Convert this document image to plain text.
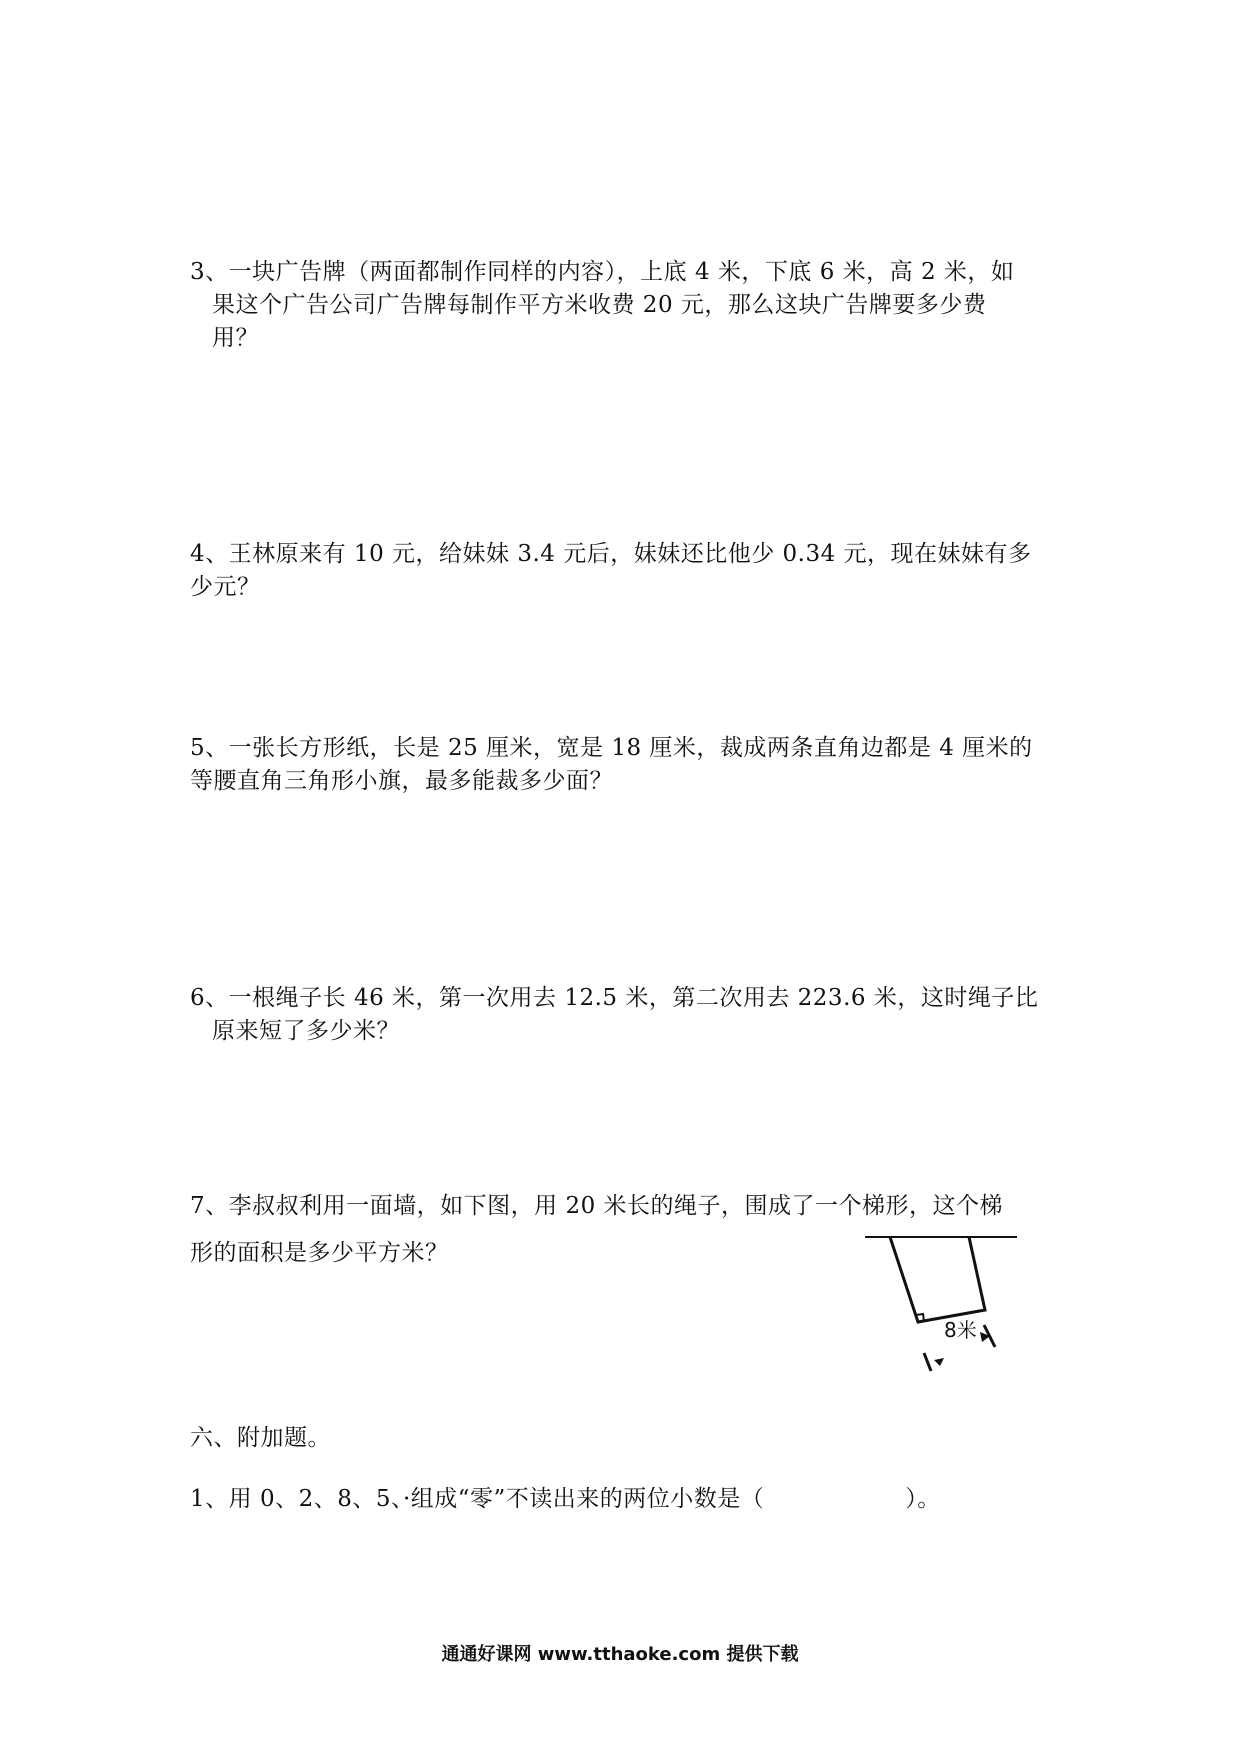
3、一块广告牌（两面都制作同样的内容），上底 4 米，下底 6 米，高 2 米，如
果这个广告公司广告牌每制作平方米收费 20 元，那么这块广告牌要多少费
用？
4、王林原来有 10 元，给妹妹 3.4 元后，妹妹还比他少 0.34 元，现在妹妹有多
少元？
5、一张长方形纸，长是 25 厘米，宽是 18 厘米，裁成两条直角边都是 4 厘米的
等腰直角三角形小旗，最多能裁多少面？
6、一根绳子长 46 米，第一次用去 12.5 米，第二次用去 223.6 米，这时绳子比
原来短了多少米？
7、李叔叔利用一面墙，如下图，用 20 米长的绳子，围成了一个梯形，这个梯
形的面积是多少平方米？
8米
六、附加题。
1、用 0、2、8、5、·组成“零”不读出来的两位小数是（　　　　　　）。
通通好课网 www.tthaoke.com 提供下载
